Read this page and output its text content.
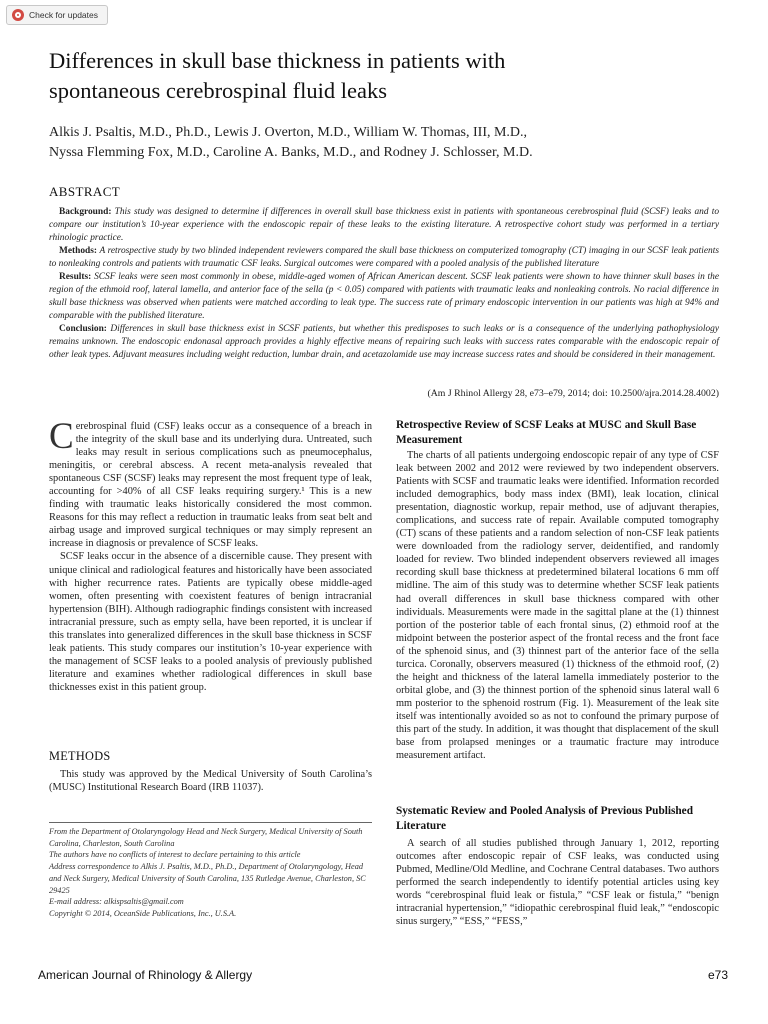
Check for updates
Differences in skull base thickness in patients with
spontaneous cerebrospinal fluid leaks
Alkis J. Psaltis, M.D., Ph.D., Lewis J. Overton, M.D., William W. Thomas, III, M.D.,
Nyssa Flemming Fox, M.D., Caroline A. Banks, M.D., and Rodney J. Schlosser, M.D.
ABSTRACT

Background: This study was designed to determine if differences in overall skull base thickness exist in patients with spontaneous cerebrospinal fluid (SCSF) leaks and to compare our institution’s 10-year experience with the endoscopic repair of these leaks to the existing literature. A retrospective cohort study was performed in a tertiary rhinologic practice.

Methods: A retrospective study by two blinded independent reviewers compared the skull base thickness on computerized tomography (CT) imaging in our SCSF leak patients to nonleaking controls and patients with traumatic CSF leaks. Surgical outcomes were compared with a pooled analysis of the published literature

Results: SCSF leaks were seen most commonly in obese, middle-aged women of African American descent. SCSF leak patients were shown to have thinner skull bases in the region of the ethmoid roof, lateral lamella, and anterior face of the sella (p < 0.05) compared with patients with traumatic leaks and nonleaking controls. No racial difference in skull base thickness was observed when patients were matched according to leak type. The success rate of primary endoscopic intervention in our patients was high at 94% and comparable with the published literature.

Conclusion: Differences in skull base thickness exist in SCSF patients, but whether this predisposes to such leaks or is a consequence of the underlying pathophysiology remains unknown. The endoscopic endonasal approach provides a highly effective means of repairing such leaks with success rates comparable with the endoscopic repair of other leak types. Adjuvant measures including weight reduction, lumbar drain, and acetazolamide use may increase success rates and should be considered in their management.

(Am J Rhinol Allergy 28, e73–e79, 2014; doi: 10.2500/ajra.2014.28.4002)

Cerebrospinal fluid (CSF) leaks occur as a consequence of a breach in the integrity of the skull base and its underlying dura. Untreated, such leaks may result in serious complications such as pneumocephalus, meningitis, or cerebral abscess. A recent meta-analysis revealed that spontaneous CSF (SCSF) leaks may represent the most frequent type of leak, accounting for >40% of all CSF leaks requiring surgery.¹ This is a new finding with traumatic leaks historically considered the most common. Reasons for this may reflect a reduction in traumatic leaks from seat belt and airbag usage and improved surgical techniques or may simply represent an increase in diagnosis or prevalence of SCSF leaks.

SCSF leaks occur in the absence of a discernible cause. They present with unique clinical and radiological features and historically have been associated with higher recurrence rates. Patients are typically obese middle-aged women, often presenting with coexistent features of benign intracranial hypertension (BIH). Although radiographic findings consistent with increased intracranial pressure, such as empty sella, have been reported, it is unclear if this translates into generalized differences in the skull base thickness in SCSF leak patients. This study compares our institution’s 10-year experience with the management of SCSF leaks to a pooled analysis of previously published literature and examines whether radiological differences in skull base thicknesses exist in this patient group.

METHODS

This study was approved by the Medical University of South Carolina’s (MUSC) Institutional Research Board (IRB 11037).

From the Department of Otolaryngology Head and Neck Surgery, Medical University of South Carolina, Charleston, South Carolina
The authors have no conflicts of interest to declare pertaining to this article
Address correspondence to Alkis J. Psaltis, M.D., Ph.D., Department of Otolaryngology, Head and Neck Surgery, Medical University of South Carolina, 135 Rutledge Avenue, Charleston, SC 29425
E-mail address: alkispsaltis@gmail.com
Copyright © 2014, OceanSide Publications, Inc., U.S.A.
Retrospective Review of SCSF Leaks at MUSC and Skull Base Measurement

The charts of all patients undergoing endoscopic repair of any type of CSF leak between 2002 and 2012 were reviewed by two independent observers. Patients with SCSF and traumatic leaks were identified. Information recorded included demographics, body mass index (BMI), leak location, clinical presentation, diagnostic workup, repair method, use of adjuvant therapies, complications, and success rate of repair. Available computed tomography (CT) scans of these patients and a random selection of non-CSF leak patients were downloaded from the radiology server, deidentified, and randomly loaded for review. Two blinded independent observers reviewed all images recording skull base thickness at predetermined bilateral locations 6 mm off midline. The aim of this study was to determine whether SCSF leak patients had overall differences in skull base thickness compared with other individuals. Measurements were made in the sagittal plane at the (1) thinnest portion of the posterior table of each frontal sinus, (2) ethmoid roof at the midpoint between the posterior aspect of the frontal recess and the front face of the sphenoid sinus, and (3) thinnest part of the anterior face of the sella turcica. Coronally, observers measured (1) thickness of the ethmoid roof, (2) the height and thickness of the lateral lamella immediately posterior to the orbital globe, and (3) the thinnest portion of the sphenoid sinus lateral wall 6 mm posterior to the sphenoid rostrum (Fig. 1). Measurement of the leak site itself was intentionally avoided so as not to confound the primary purpose of this part of the study. In addition, it was thought that displacement of the skull base from prolapsed meninges or a traumatic fracture may introduce measurement artifact.

Systematic Review and Pooled Analysis of Previous Published Literature

A search of all studies published through January 1, 2012, reporting outcomes after endoscopic repair of CSF leaks, was conducted using Pubmed, Medline/Old Medline, and Cochrane Central databases. Two authors performed the search independently to identify potential articles using key words “cerebrospinal fluid leak or fistula,” “CSF leak or fistula,” “benign intracranial hypertension,” “idiopathic cerebrospinal fluid leak,” “endoscopic sinus surgery,” “ESS,” “FESS,”

American Journal of Rhinology & Allergy	e73
